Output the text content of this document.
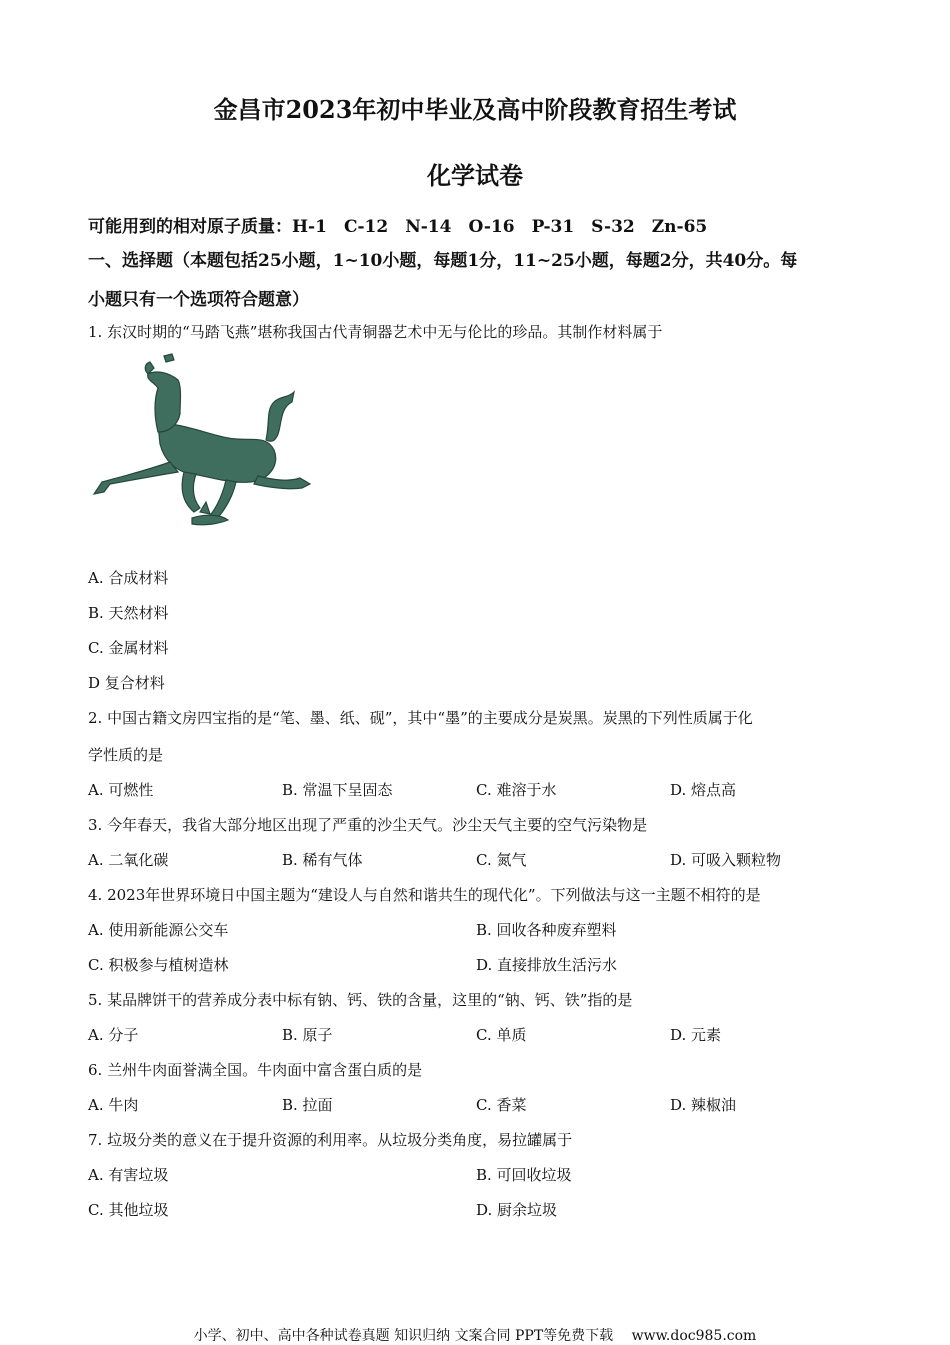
金昌市2023年初中毕业及高中阶段教育招生考试
化学试卷
可能用到的相对原子质量：H-1　C-12　N-14　O-16　P-31　S-32　Zn-65
一、选择题（本题包括25小题，1~10小题，每题1分，11~25小题，每题2分，共40分。每
小题只有一个选项符合题意）
1. 东汉时期的“马踏飞燕”堪称我国古代青铜器艺术中无与伦比的珍品。其制作材料属于
A. 合成材料
B. 天然材料
C. 金属材料
D 复合材料
2. 中国古籍文房四宝指的是“笔、墨、纸、砚”，其中“墨”的主要成分是炭黑。炭黑的下列性质属于化
学性质的是
A. 可燃性	B. 常温下呈固态	C. 难溶于水	D. 熔点高
3. 今年春天，我省大部分地区出现了严重的沙尘天气。沙尘天气主要的空气污染物是
A. 二氧化碳	B. 稀有气体	C. 氮气	D. 可吸入颗粒物
4. 2023年世界环境日中国主题为“建设人与自然和谐共生的现代化”。下列做法与这一主题不相符的是
A. 使用新能源公交车	B. 回收各种废弃塑料
C. 积极参与植树造林	D. 直接排放生活污水
5. 某品牌饼干的营养成分表中标有钠、钙、铁的含量，这里的“钠、钙、铁”指的是
A. 分子	B. 原子	C. 单质	D. 元素
6. 兰州牛肉面誉满全国。牛肉面中富含蛋白质的是
A. 牛肉	B. 拉面	C. 香菜	D. 辣椒油
7. 垃圾分类的意义在于提升资源的利用率。从垃圾分类角度，易拉罐属于
A. 有害垃圾	B. 可回收垃圾
C. 其他垃圾	D. 厨余垃圾
小学、初中、高中各种试卷真题 知识归纳 文案合同 PPT等免费下载　 www.doc985.com
